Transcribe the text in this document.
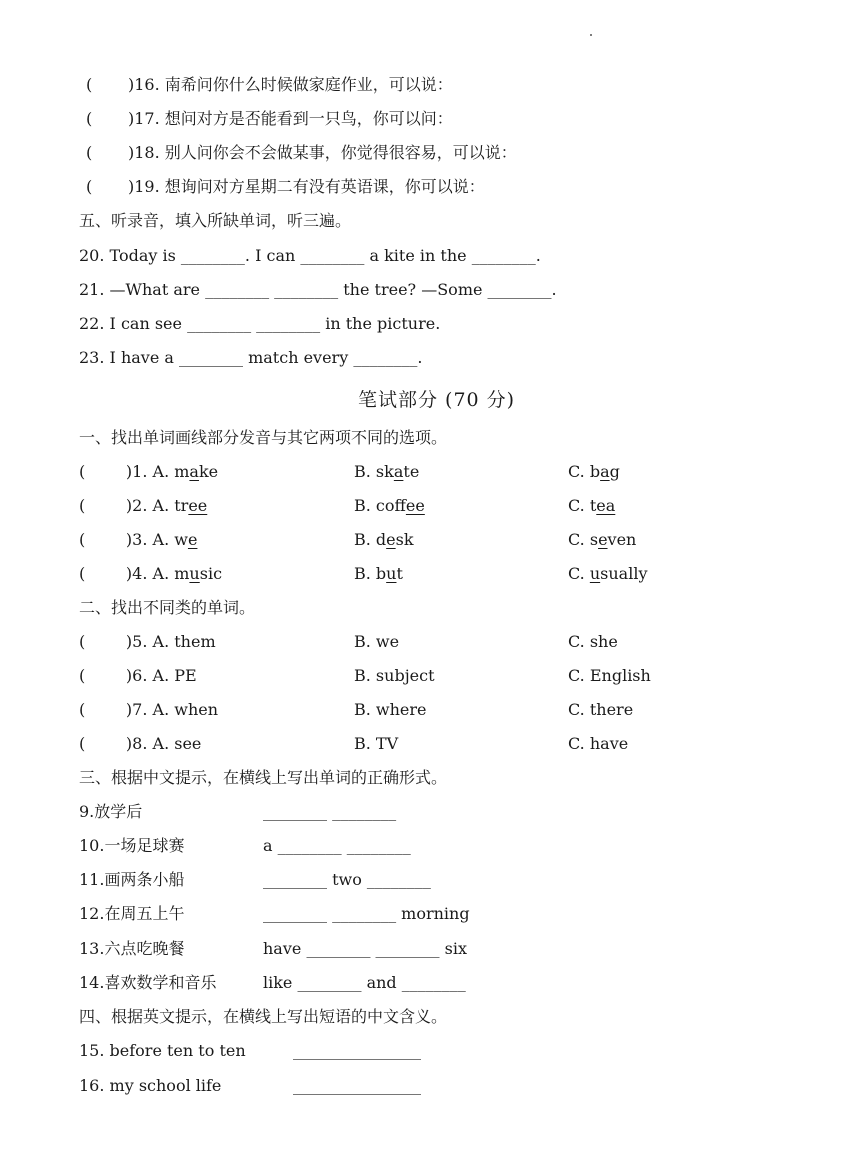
( )16. 南希问你什么时候做家庭作业，可以说：
( )17. 想问对方是否能看到一只鸟，你可以问：
( )18. 别人问你会不会做某事，你觉得很容易，可以说：
( )19. 想询问对方星期二有没有英语课，你可以说：
五、听录音，填入所缺单词，听三遍。
20. Today is ________. I can ________ a kite in the ________.
21. —What are ________ ________ the tree? —Some ________.
22. I can see ________ ________ in the picture.
23. I have a ________ match every ________.
笔试部分 (70 分)
一、找出单词画线部分发音与其它两项不同的选项。
(        )1. A. make	B. skate	C. bag
(        )2. A. tree	B. coffee	C. tea
(        )3. A. we	B. desk	C. seven
(        )4. A. music	B. but	C. usually
二、找出不同类的单词。
(        )5. A. them	B. we	C. she
(        )6. A. PE	B. subject	C. English
(        )7. A. when	B. where	C. there
(        )8. A. see	B. TV	C. have
三、根据中文提示，在横线上写出单词的正确形式。
9.放学后	________ ________
10.一场足球赛	a ________ ________
11.画两条小船	________ two ________
12.在周五上午	________ ________ morning
13.六点吃晚餐	have ________ ________ six
14.喜欢数学和音乐	like ________ and ________
四、根据英文提示，在横线上写出短语的中文含义。
15. before ten to ten	________________
16. my school life	________________
